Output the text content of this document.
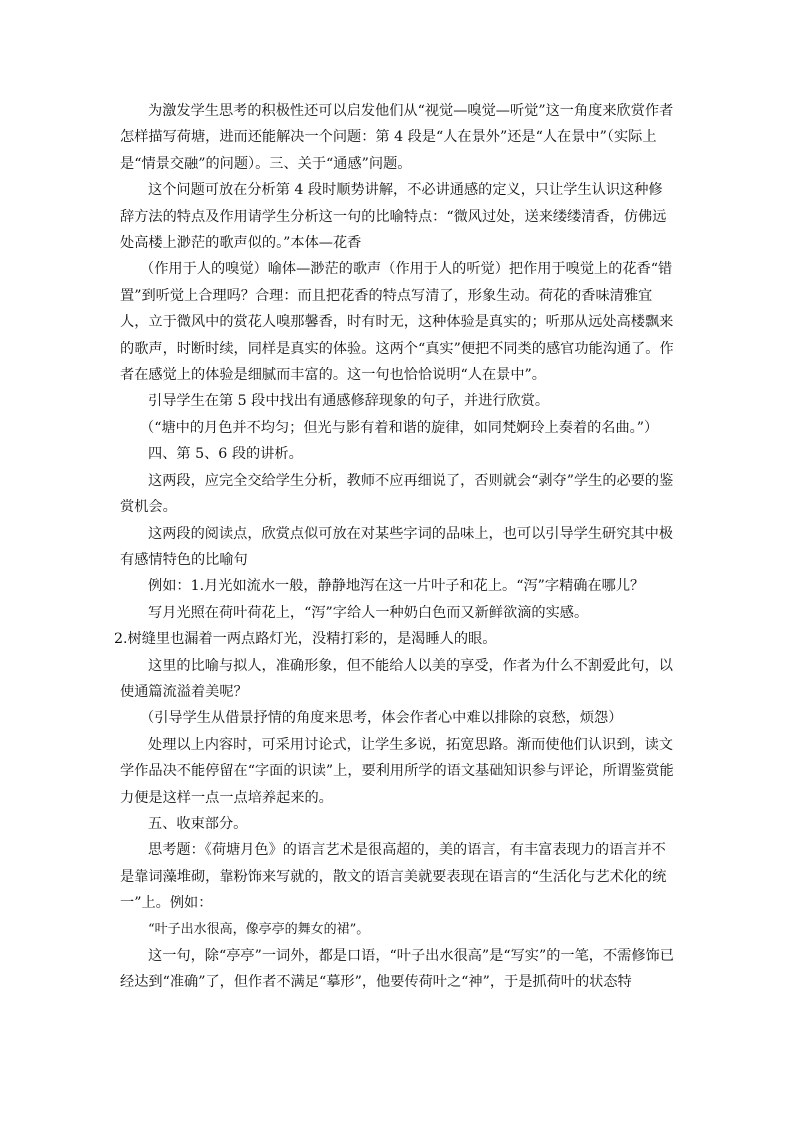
为激发学生思考的积极性还可以启发他们从“视觉—嗅觉—听觉”这一角度来欣赏作者怎样描写荷塘，进而还能解决一个问题：第 4 段是“人在景外”还是“人在景中”（实际上是“情景交融”的问题）。三、关于“通感”问题。

这个问题可放在分析第 4 段时顺势讲解，不必讲通感的定义，只让学生认识这种修辞方法的特点及作用请学生分析这一句的比喻特点：“微风过处，送来缕缕清香，仿佛远处高楼上渺茫的歌声似的。”本体—花香

（作用于人的嗅觉）喻体—渺茫的歌声（作用于人的听觉）把作用于嗅觉上的花香“错置”到听觉上合理吗？合理：而且把花香的特点写清了，形象生动。荷花的香味清雅宜人，立于微风中的赏花人嗅那馨香，时有时无，这种体验是真实的；听那从远处高楼飘来的歌声，时断时续，同样是真实的体验。这两个“真实”便把不同类的感官功能沟通了。作者在感觉上的体验是细腻而丰富的。这一句也恰恰说明“人在景中”。

引导学生在第 5 段中找出有通感修辞现象的句子，并进行欣赏。

（“塘中的月色并不均匀；但光与影有着和谐的旋律，如同梵婀玲上奏着的名曲。”）

四、第 5、6 段的讲析。

这两段，应完全交给学生分析，教师不应再细说了，否则就会“剥夺”学生的必要的鉴赏机会。

这两段的阅读点，欣赏点似可放在对某些字词的品味上，也可以引导学生研究其中极有感情特色的比喻句

例如：1.月光如流水一般，静静地泻在这一片叶子和花上。“泻”字精确在哪儿？

写月光照在荷叶荷花上，“泻”字给人一种奶白色而又新鲜欲滴的实感。

2.树缝里也漏着一两点路灯光，没精打彩的，是渴睡人的眼。

这里的比喻与拟人，准确形象，但不能给人以美的享受，作者为什么不割爱此句，以使通篇流溢着美呢？

（引导学生从借景抒情的角度来思考，体会作者心中难以排除的哀愁，烦怨）

处理以上内容时，可采用讨论式，让学生多说，拓宽思路。渐而使他们认识到，读文学作品决不能停留在“字面的识读”上，要利用所学的语文基础知识参与评论，所谓鉴赏能力便是这样一点一点培养起来的。

五、收束部分。

思考题：《荷塘月色》的语言艺术是很高超的，美的语言，有丰富表现力的语言并不是靠词藻堆砌，靠粉饰来写就的，散文的语言美就要表现在语言的“生活化与艺术化的统一”上。例如：

“叶子出水很高，像亭亭的舞女的裙”。

这一句，除“亭亭”一词外，都是口语，“叶子出水很高”是“写实”的一笔，不需修饰已经达到“准确”了，但作者不满足“摹形”，他要传荷叶之“神”，于是抓荷叶的状态特
